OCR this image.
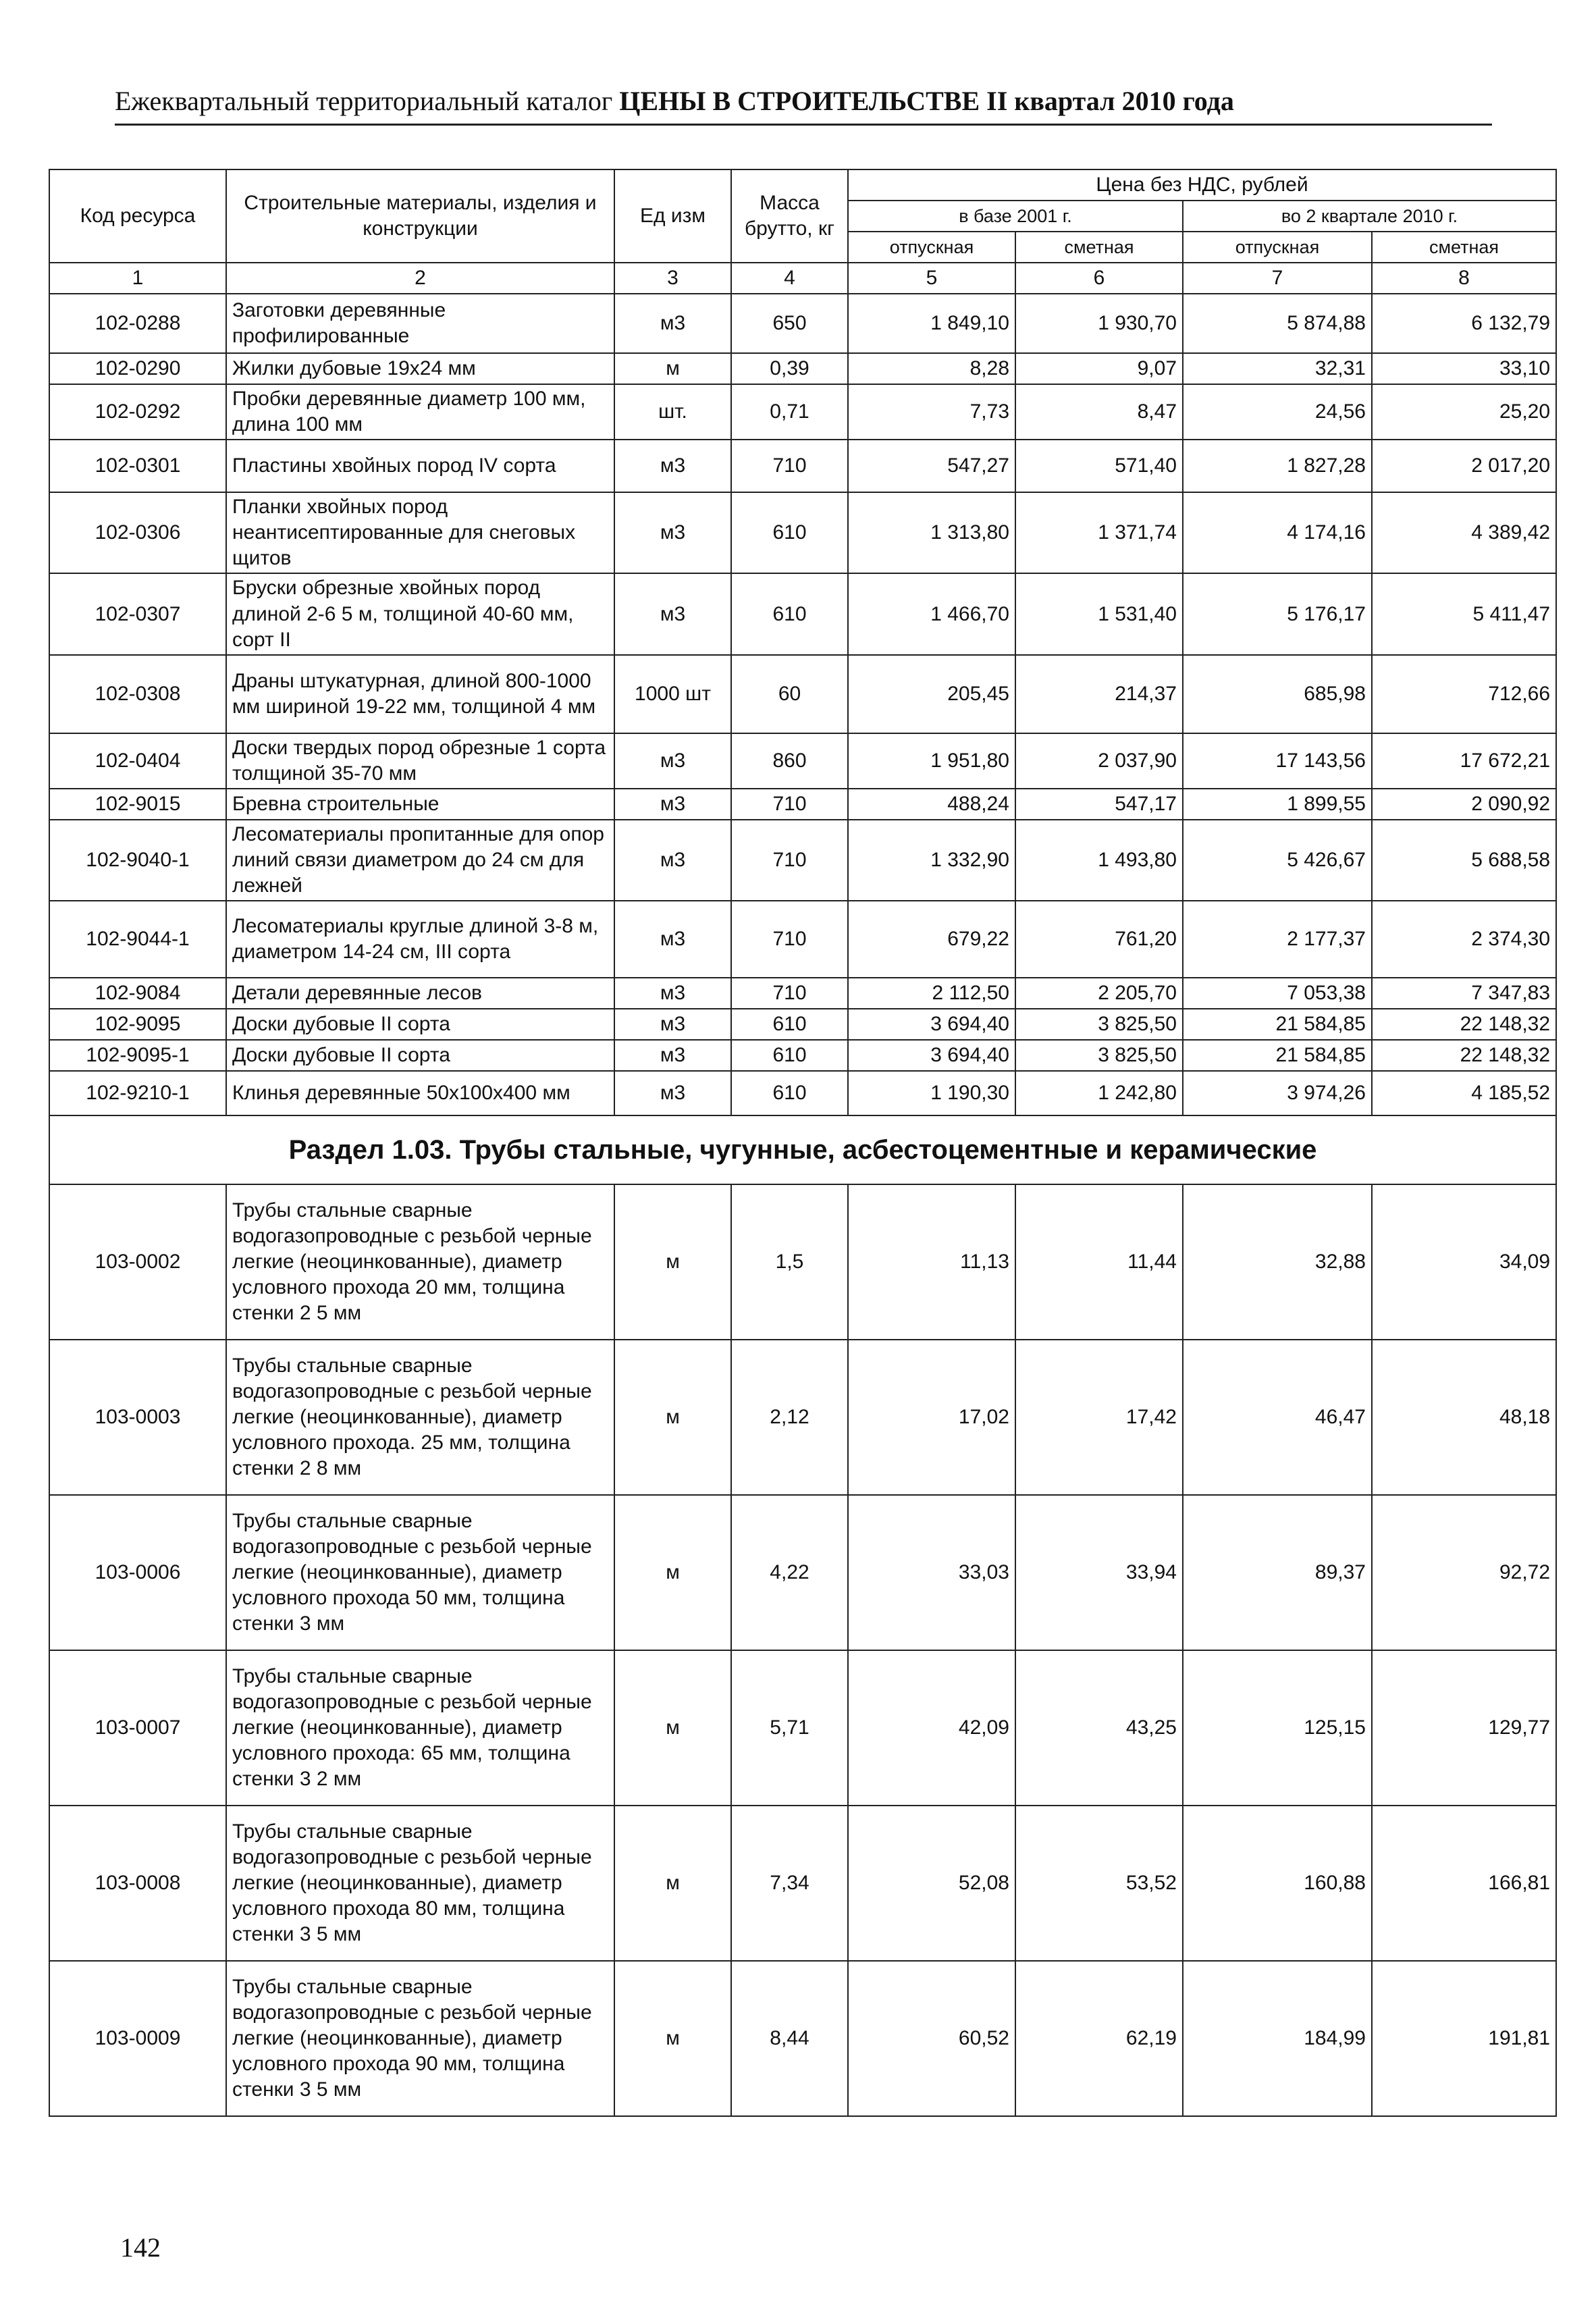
Ежеквартальный территориальный каталог ЦЕНЫ В СТРОИТЕЛЬСТВЕ II квартал 2010 года
Код ресурса	Строительные материалы, изделия и конструкции	Ед изм	Масса брутто, кг	Цена без НДС, рублей			
				в базе 2001 г.		во 2 квартале 2010 г.	
				отпускная	сметная	отпускная	сметная
1	2	3	4	5	6	7	8
102-0288	Заготовки деревянные профилированные	м3	650	1 849,10	1 930,70	5 874,88	6 132,79
102-0290	Жилки дубовые 19х24 мм	м	0,39	8,28	9,07	32,31	33,10
102-0292	Пробки деревянные диаметр 100 мм, длина 100 мм	шт.	0,71	7,73	8,47	24,56	25,20
102-0301	Пластины хвойных пород IV сорта	м3	710	547,27	571,40	1 827,28	2 017,20
102-0306	Планки хвойных пород неантисептированные для снеговых щитов	м3	610	1 313,80	1 371,74	4 174,16	4 389,42
102-0307	Бруски обрезные хвойных пород длиной 2-6 5 м, толщиной 40-60 мм, сорт II	м3	610	1 466,70	1 531,40	5 176,17	5 411,47
102-0308	Драны штукатурная, длиной 800-1000 мм шириной 19-22 мм, толщиной 4 мм	1000 шт	60	205,45	214,37	685,98	712,66
102-0404	Доски твердых пород обрезные 1 сорта толщиной 35-70 мм	м3	860	1 951,80	2 037,90	17 143,56	17 672,21
102-9015	Бревна строительные	м3	710	488,24	547,17	1 899,55	2 090,92
102-9040-1	Лесоматериалы пропитанные для опор линий связи диаметром до 24 см для лежней	м3	710	1 332,90	1 493,80	5 426,67	5 688,58
102-9044-1	Лесоматериалы круглые длиной 3-8 м, диаметром 14-24 см, III сорта	м3	710	679,22	761,20	2 177,37	2 374,30
102-9084	Детали деревянные лесов	м3	710	2 112,50	2 205,70	7 053,38	7 347,83
102-9095	Доски дубовые II сорта	м3	610	3 694,40	3 825,50	21 584,85	22 148,32
102-9095-1	Доски дубовые II сорта	м3	610	3 694,40	3 825,50	21 584,85	22 148,32
102-9210-1	Клинья деревянные 50х100х400 мм	м3	610	1 190,30	1 242,80	3 974,26	4 185,52
Раздел 1.03. Трубы стальные, чугунные, асбестоцементные и керамические							
103-0002	Трубы стальные сварные водогазопроводные с резьбой черные легкие (неоцинкованные), диаметр условного прохода 20 мм, толщина стенки 2 5 мм	м	1,5	11,13	11,44	32,88	34,09
103-0003	Трубы стальные сварные водогазопроводные с резьбой черные легкие (неоцинкованные), диаметр условного прохода. 25 мм, толщина стенки 2 8 мм	м	2,12	17,02	17,42	46,47	48,18
103-0006	Трубы стальные сварные водогазопроводные с резьбой черные легкие (неоцинкованные), диаметр условного прохода 50 мм, толщина стенки 3 мм	м	4,22	33,03	33,94	89,37	92,72
103-0007	Трубы стальные сварные водогазопроводные с резьбой черные легкие (неоцинкованные), диаметр условного прохода: 65 мм, толщина стенки 3 2 мм	м	5,71	42,09	43,25	125,15	129,77
103-0008	Трубы стальные сварные водогазопроводные с резьбой черные легкие (неоцинкованные), диаметр условного прохода 80 мм, толщина стенки 3 5 мм	м	7,34	52,08	53,52	160,88	166,81
103-0009	Трубы стальные сварные водогазопроводные с резьбой черные легкие (неоцинкованные), диаметр условного прохода 90 мм, толщина стенки 3 5 мм	м	8,44	60,52	62,19	184,99	191,81
142
